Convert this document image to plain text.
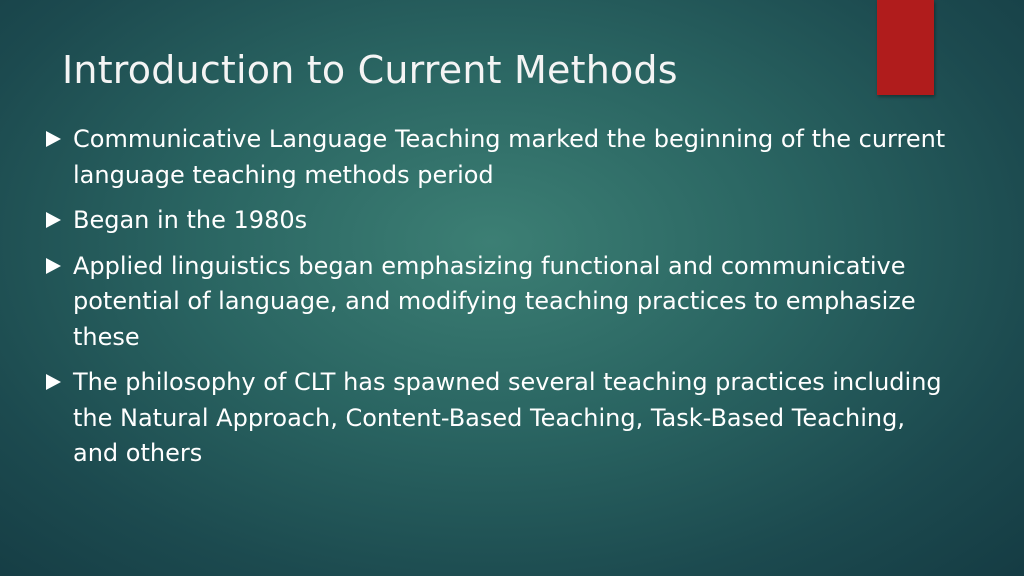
Introduction to Current Methods
Communicative Language Teaching marked the beginning of the current language teaching methods period
Began in the 1980s
Applied linguistics began emphasizing functional and communicative potential of language, and modifying teaching practices to emphasize these
The philosophy of CLT has spawned several teaching practices including the Natural Approach, Content-Based Teaching, Task-Based Teaching, and others
